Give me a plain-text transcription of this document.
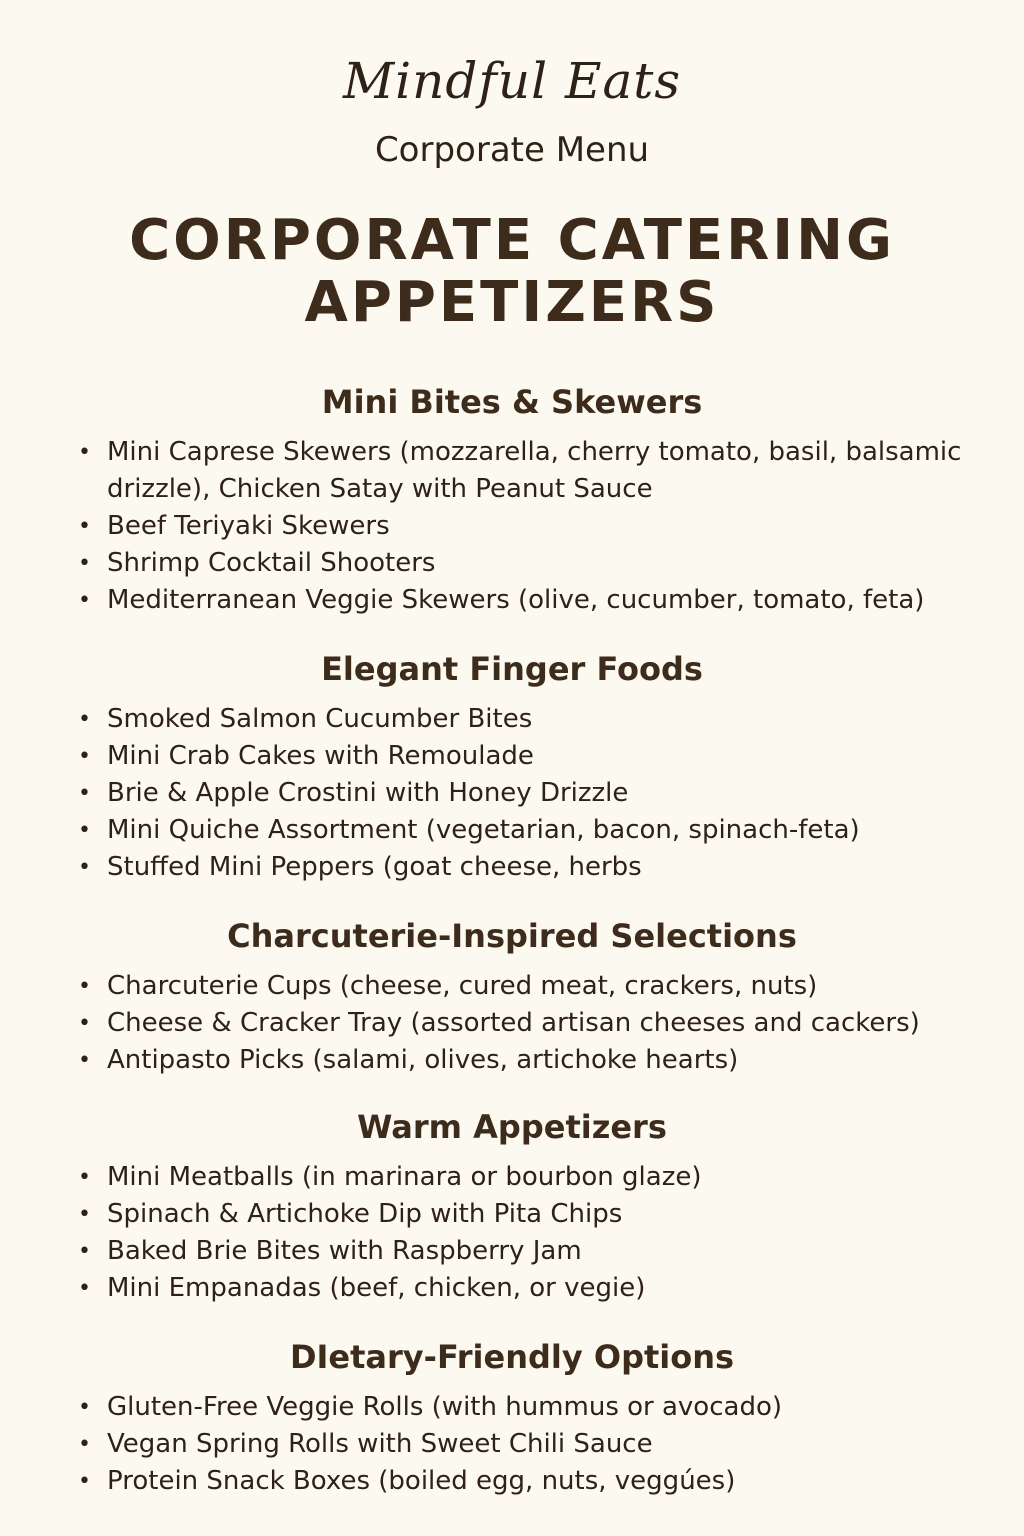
Mindful Eats
Corporate Menu
CORPORATE CATERING
APPETIZERS
Mini Bites & Skewers
• Mini Caprese Skewers (mozzarella, cherry tomato, basil, balsamic drizzle), Chicken Satay with Peanut Sauce
• Beef Teriyaki Skewers
• Shrimp Cocktail Shooters
• Mediterranean Veggie Skewers (olive, cucumber, tomato, feta)
Elegant Finger Foods
• Smoked Salmon Cucumber Bites
• Mini Crab Cakes with Remoulade
• Brie & Apple Crostini with Honey Drizzle
• Mini Quiche Assortment (vegetarian, bacon, spinach-feta)
• Stuffed Mini Peppers (goat cheese, herbs
Charcuterie-Inspired Selections
• Charcuterie Cups (cheese, cured meat, crackers, nuts)
• Cheese & Cracker Tray (assorted artisan cheeses and cackers)
• Antipasto Picks (salami, olives, artichoke hearts)
Warm Appetizers
• Mini Meatballs (in marinara or bourbon glaze)
• Spinach & Artichoke Dip with Pita Chips
• Baked Brie Bites with Raspberry Jam
• Mini Empanadas (beef, chicken, or vegie)
DIetary-Friendly Options
• Gluten-Free Veggie Rolls (with hummus or avocado)
• Vegan Spring Rolls with Sweet Chili Sauce
• Protein Snack Boxes (boiled egg, nuts, veggúes)
